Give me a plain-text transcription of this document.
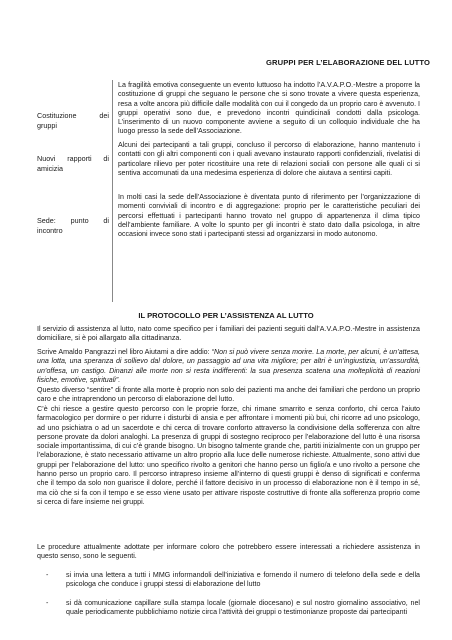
GRUPPI PER L’ELABORAZIONE DEL LUTTO
Costituzione dei gruppi
Nuovi rapporti di amicizia
Sede: punto di incontro

La fragilità emotiva conseguente un evento luttuoso ha indotto l’A.V.A.P.O.-Mestre a proporre la costituzione di gruppi che seguano le persone che si sono trovate a vivere questa esperienza, resa a volte ancora più difficile dalle modalità con cui il congedo da un proprio caro è avvenuto. I gruppi operativi sono due, e prevedono incontri quindicinali condotti dalla psicologa. L’inserimento di un nuovo componente avviene a seguito di un colloquio individuale che ha luogo presso la sede dell’Associazione.

Alcuni dei partecipanti a tali gruppi, concluso il percorso di elaborazione, hanno mantenuto i contatti con gli altri componenti con i quali avevano instaurato rapporti confidenziali, rivelatisi di particolare rilievo per poter ricostituire una rete di relazioni sociali con persone alle quali ci si sentiva accomunati da una medesima esperienza di dolore che aiutava a sentirsi capiti.

In molti casi la sede dell’Associazione è diventata punto di riferimento per l’organizzazione di momenti conviviali di incontro e di aggregazione: proprio per le caratteristiche peculiari dei percorsi effettuati i partecipanti hanno trovato nel gruppo di appartenenza il clima tipico dell’ambiente familiare. A volte lo spunto per gli incontri è stato dato dalla psicologa, in altre occasioni invece sono stati i partecipanti stessi ad organizzarsi in modo autonomo.

IL PROTOCOLLO PER L’ASSISTENZA AL LUTTO

Il servizio di assistenza al lutto, nato come specifico per i familiari dei pazienti seguiti dall’A.V.A.P.O.-Mestre in assistenza domiciliare, si è poi allargato alla cittadinanza.

Scrive Amaldo Pangrazzi nel libro Aiutami a dire addio: “Non si può vivere senza morire. La morte, per alcuni, è un’attesa, una lotta, una speranza di sollievo dal dolore, un passaggio ad una vita migliore; per altri è un’ingiustizia, un’assurdità, un’offesa, un castigo. Dinanzi alle morte non si resta indifferenti: la sua presenza scatena una molteplicità di reazioni fisiche, emotive, spirituali”.

Questo diverso “sentire” di fronte alla morte è proprio non solo dei pazienti ma anche dei familiari che perdono un proprio caro e che intraprendono un percorso di elaborazione del lutto.

C’è chi riesce a gestire questo percorso con le proprie forze, chi rimane smarrito e senza conforto, chi cerca l’aiuto farmacologico per dormire o per ridurre i disturbi di ansia e per affrontare i momenti più bui, chi ricorre ad uno psicologo, ad uno psichiatra o ad un sacerdote e chi cerca di trovare conforto attraverso la condivisione della sofferenza con altre persone provate da dolori analoghi. La presenza di gruppi di sostegno reciproco per l’elaborazione del lutto è una risorsa sociale importantissima, di cui c’è grande bisogno. Un bisogno talmente grande che, partiti inizialmente con un gruppo per l’elaborazione, è stato necessario attivarne un altro proprio alla luce delle numerose richieste. Attualmente, sono attivi due gruppi per l’elaborazione del lutto: uno specifico rivolto a genitori che hanno perso un figlio/a e uno rivolto a persone che hanno perso un proprio caro. Il percorso intrapreso insieme all’interno di questi gruppi è denso di significati e conferma che il tempo da solo non guarisce il dolore, perché il fattore decisivo in un processo di elaborazione non è il tempo in sé, ma ciò che si fa con il tempo e se esso viene usato per attivare risposte costruttive di fronte alla sofferenza proprio come si cerca di fare insieme nei gruppi.

Le procedure attualmente adottate per informare coloro che potrebbero essere interessati a richiedere assistenza in questo senso, sono le seguenti.

-	si invia una lettera a tutti i MMG informandoli dell’iniziativa e fornendo il numero di telefono della sede e della psicologa che conduce i gruppi stessi di elaborazione del lutto
-	si dà comunicazione capillare sulla stampa locale (giornale diocesano) e sul nostro giornalino associativo, nel quale periodicamente pubblichiamo notizie circa l’attività dei gruppi o testimonianze proposte dai partecipanti
